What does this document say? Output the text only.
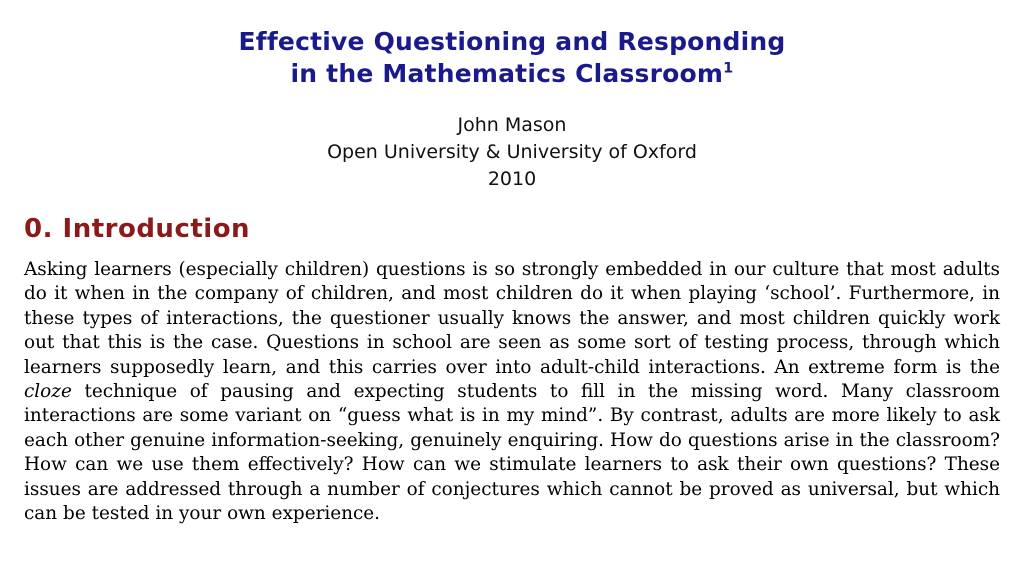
Effective Questioning and Responding
in the Mathematics Classroom$^1$
John Mason
Open University & University of Oxford
2010
0. Introduction

Asking learners (especially children) questions is so strongly embedded in our culture that most adults do it when in the company of children, and most children do it when playing ‘school’. Furthermore, in these types of interactions, the questioner usually knows the answer, and most children quickly work out that this is the case. Questions in school are seen as some sort of testing process, through which learners supposedly learn, and this carries over into adult-child interactions. An extreme form is the cloze technique of pausing and expecting students to fill in the missing word. Many classroom interactions are some variant on “guess what is in my mind”. By contrast, adults are more likely to ask each other genuine information-seeking, genuinely enquiring. How do questions arise in the classroom? How can we use them effectively? How can we stimulate learners to ask their own questions? These issues are addressed through a number of conjectures which cannot be proved as universal, but which can be tested in your own experience.
